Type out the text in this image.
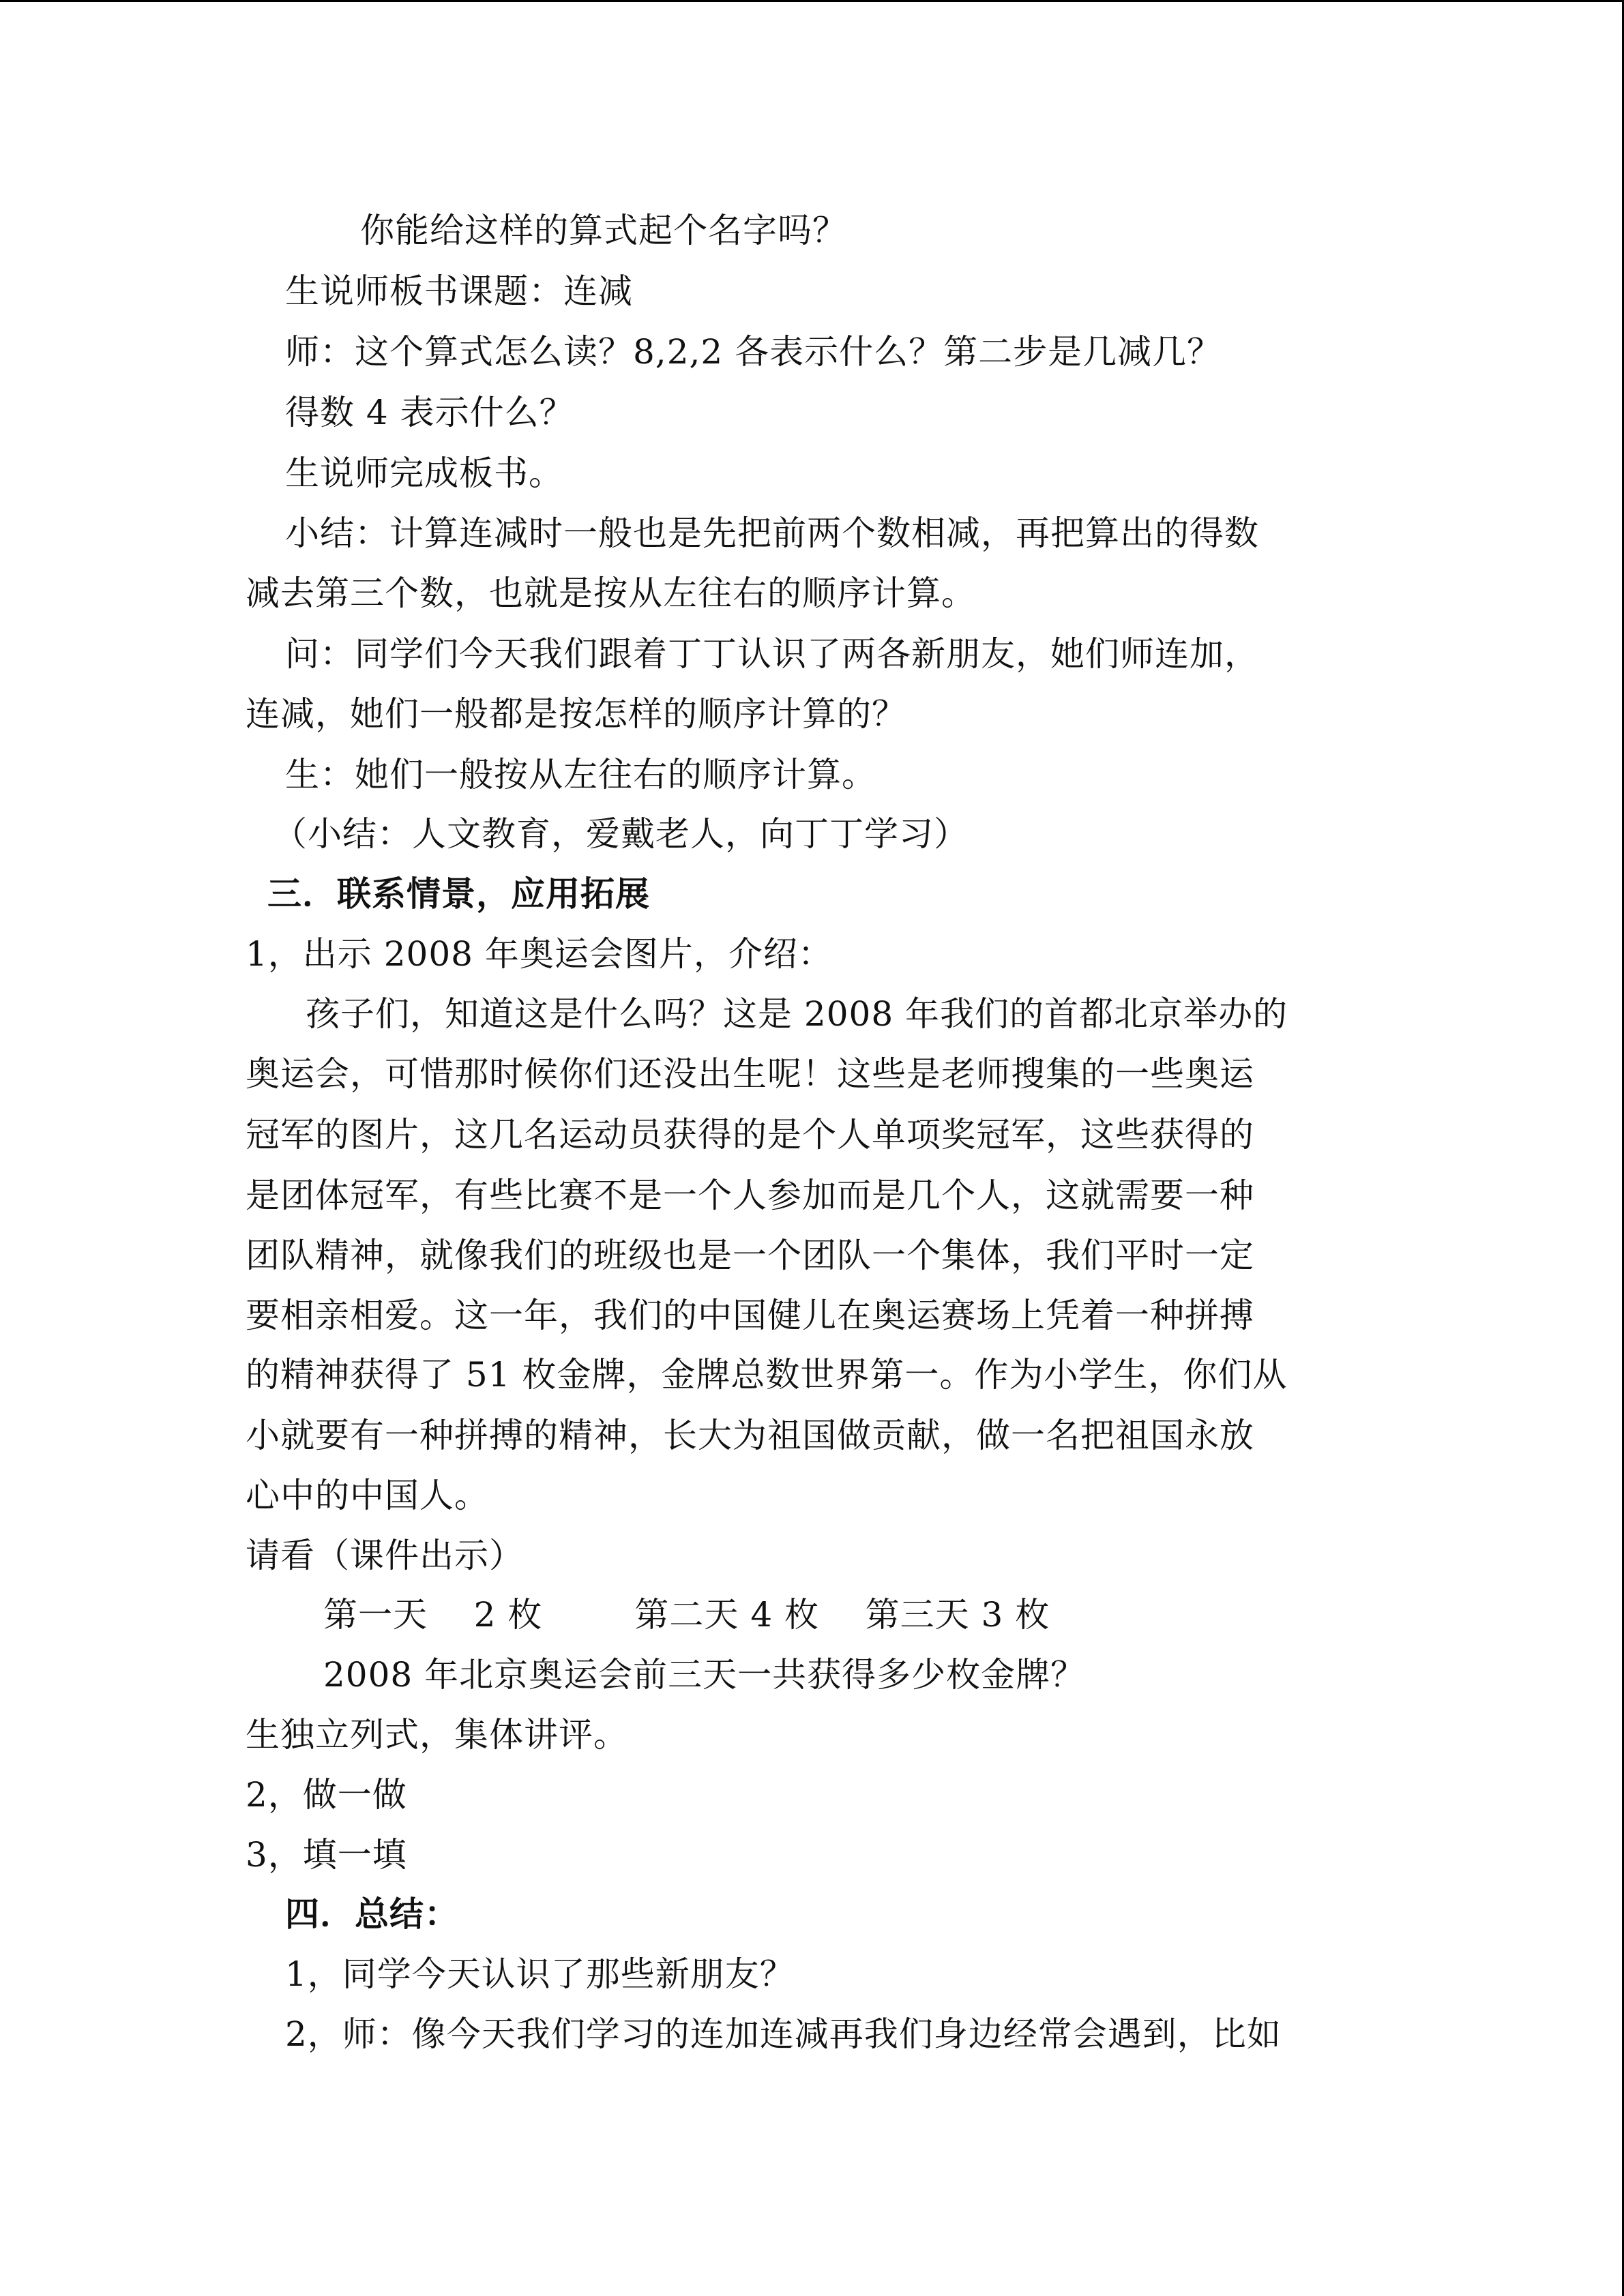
你能给这样的算式起个名字吗？
生说师板书课题：连减
师：这个算式怎么读？8,2,2 各表示什么？第二步是几减几？
得数 4 表示什么？
生说师完成板书。
小结：计算连减时一般也是先把前两个数相减，再把算出的得数
减去第三个数，也就是按从左往右的顺序计算。
问：同学们今天我们跟着丁丁认识了两各新朋友，她们师连加，
连减，她们一般都是按怎样的顺序计算的？
生：她们一般按从左往右的顺序计算。
（小结：人文教育，爱戴老人，向丁丁学习）
三．联系情景，应用拓展
1，出示 2008 年奥运会图片，介绍：
孩子们，知道这是什么吗？这是 2008 年我们的首都北京举办的
奥运会，可惜那时候你们还没出生呢！这些是老师搜集的一些奥运
冠军的图片，这几名运动员获得的是个人单项奖冠军，这些获得的
是团体冠军，有些比赛不是一个人参加而是几个人，这就需要一种
团队精神，就像我们的班级也是一个团队一个集体，我们平时一定
要相亲相爱。这一年，我们的中国健儿在奥运赛场上凭着一种拼搏
的精神获得了 51 枚金牌，金牌总数世界第一。作为小学生，你们从
小就要有一种拼搏的精神，长大为祖国做贡献，做一名把祖国永放
心中的中国人。
请看（课件出示）
第一天    2 枚        第二天 4 枚    第三天 3 枚
2008 年北京奥运会前三天一共获得多少枚金牌？
生独立列式，集体讲评。
2，做一做
3，填一填
四．总结：
1，同学今天认识了那些新朋友？
2，师：像今天我们学习的连加连减再我们身边经常会遇到，比如
